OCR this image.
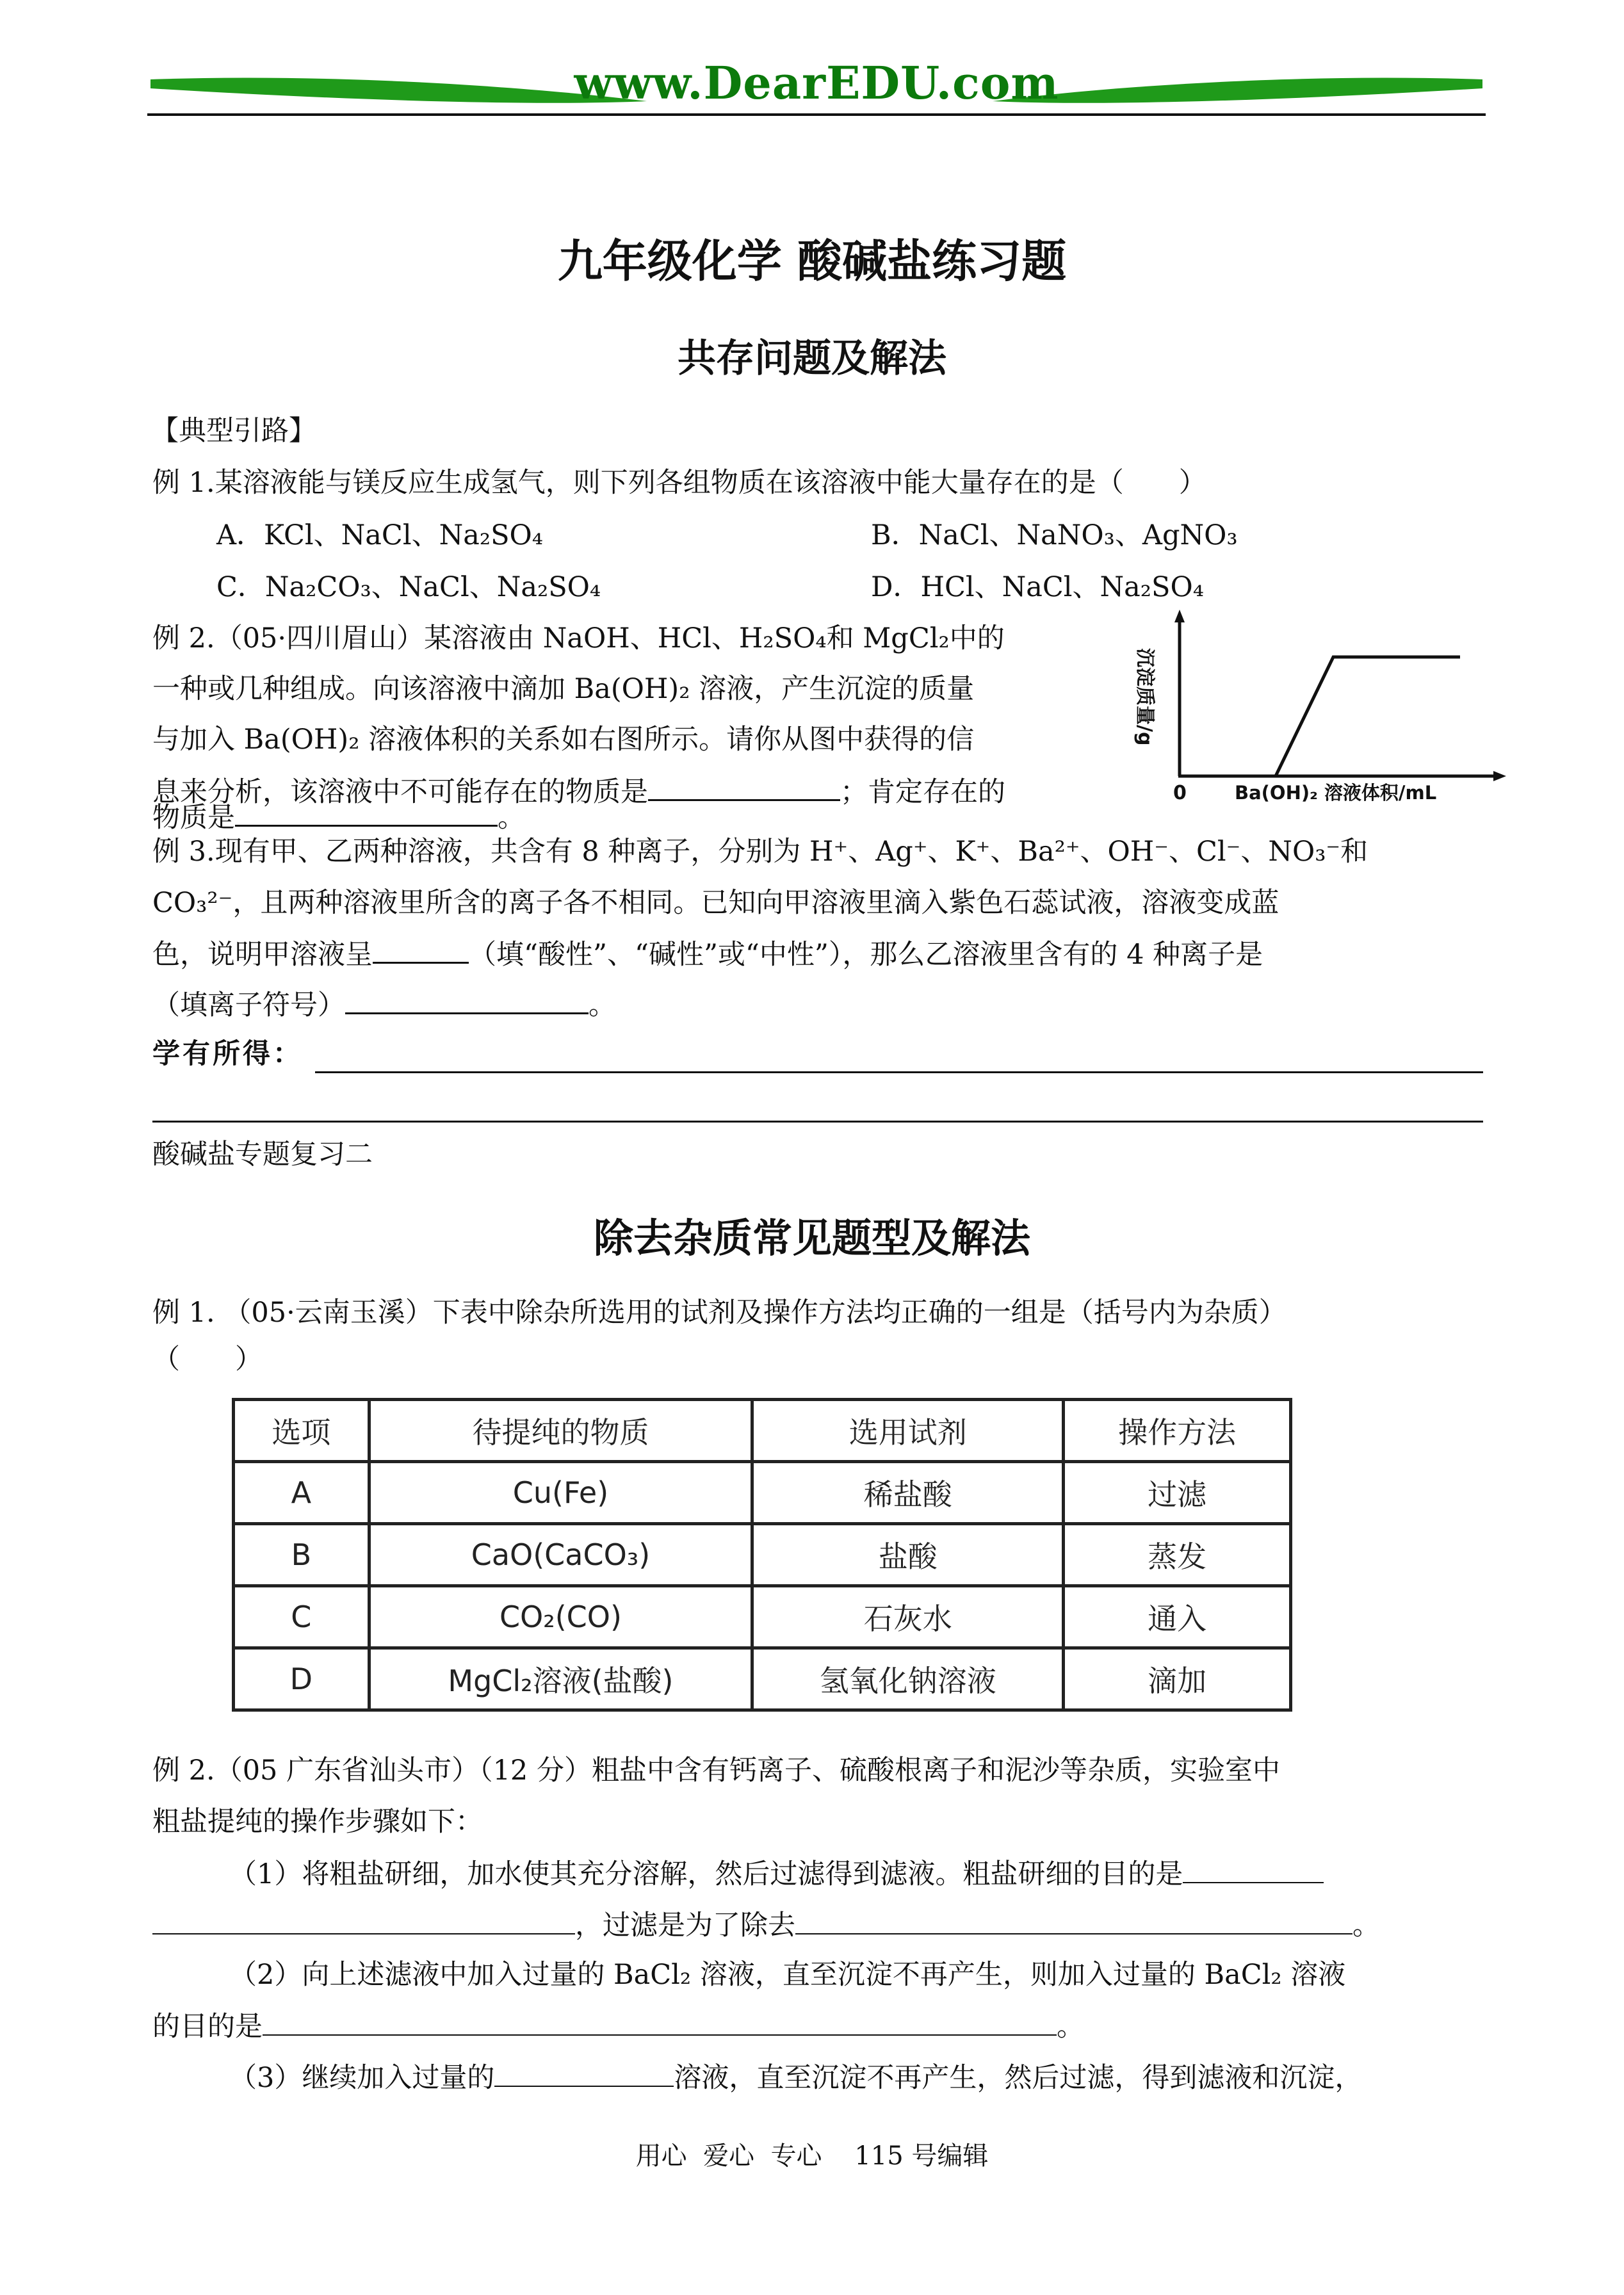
www.DearEDU.com
九年级化学 酸碱盐练习题
共存问题及解法
【典型引路】
例 1.某溶液能与镁反应生成氢气，则下列各组物质在该溶液中能大量存在的是（　　）
A．KCl、NaCl、Na₂SO₄	B．NaCl、NaNO₃、AgNO₃
C．Na₂CO₃、NaCl、Na₂SO₄	D．HCl、NaCl、Na₂SO₄
例 2.（05·四川眉山）某溶液由 NaOH、HCl、H₂SO₄和 MgCl₂中的
一种或几种组成。向该溶液中滴加 Ba(OH)₂ 溶液，产生沉淀的质量
与加入 Ba(OH)₂ 溶液体积的关系如右图所示。请你从图中获得的信
息来分析，该溶液中不可能存在的物质是	；肯定存在的
物质是	。
沉淀质量/g
0	Ba(OH)₂ 溶液体积/mL
例 3.现有甲、乙两种溶液，共含有 8 种离子，分别为 H⁺、Ag⁺、K⁺、Ba²⁺、OH⁻、Cl⁻、NO₃⁻和
CO₃²⁻，且两种溶液里所含的离子各不相同。已知向甲溶液里滴入紫色石蕊试液，溶液变成蓝
色，说明甲溶液呈	（填“酸性”、“碱性”或“中性”），那么乙溶液里含有的 4 种离子是
（填离子符号）	。
学有所得：
酸碱盐专题复习二
除去杂质常见题型及解法
例 1. （05·云南玉溪）下表中除杂所选用的试剂及操作方法均正确的一组是（括号内为杂质）
（　　）
选项	待提纯的物质	选用试剂	操作方法
A	Cu(Fe)	稀盐酸	过滤
B	CaO(CaCO₃)	盐酸	蒸发
C	CO₂(CO)	石灰水	通入
D	MgCl₂溶液(盐酸)	氢氧化钠溶液	滴加
例 2.（05 广东省汕头市）（12 分）粗盐中含有钙离子、硫酸根离子和泥沙等杂质，实验室中
粗盐提纯的操作步骤如下：
（1）将粗盐研细，加水使其充分溶解，然后过滤得到滤液。粗盐研细的目的是
，过滤是为了除去	。
（2）向上述滤液中加入过量的 BaCl₂ 溶液，直至沉淀不再产生，则加入过量的 BaCl₂ 溶液
的目的是	。
（3）继续加入过量的	溶液，直至沉淀不再产生，然后过滤，得到滤液和沉淀，
用心  爱心  专心    115 号编辑
